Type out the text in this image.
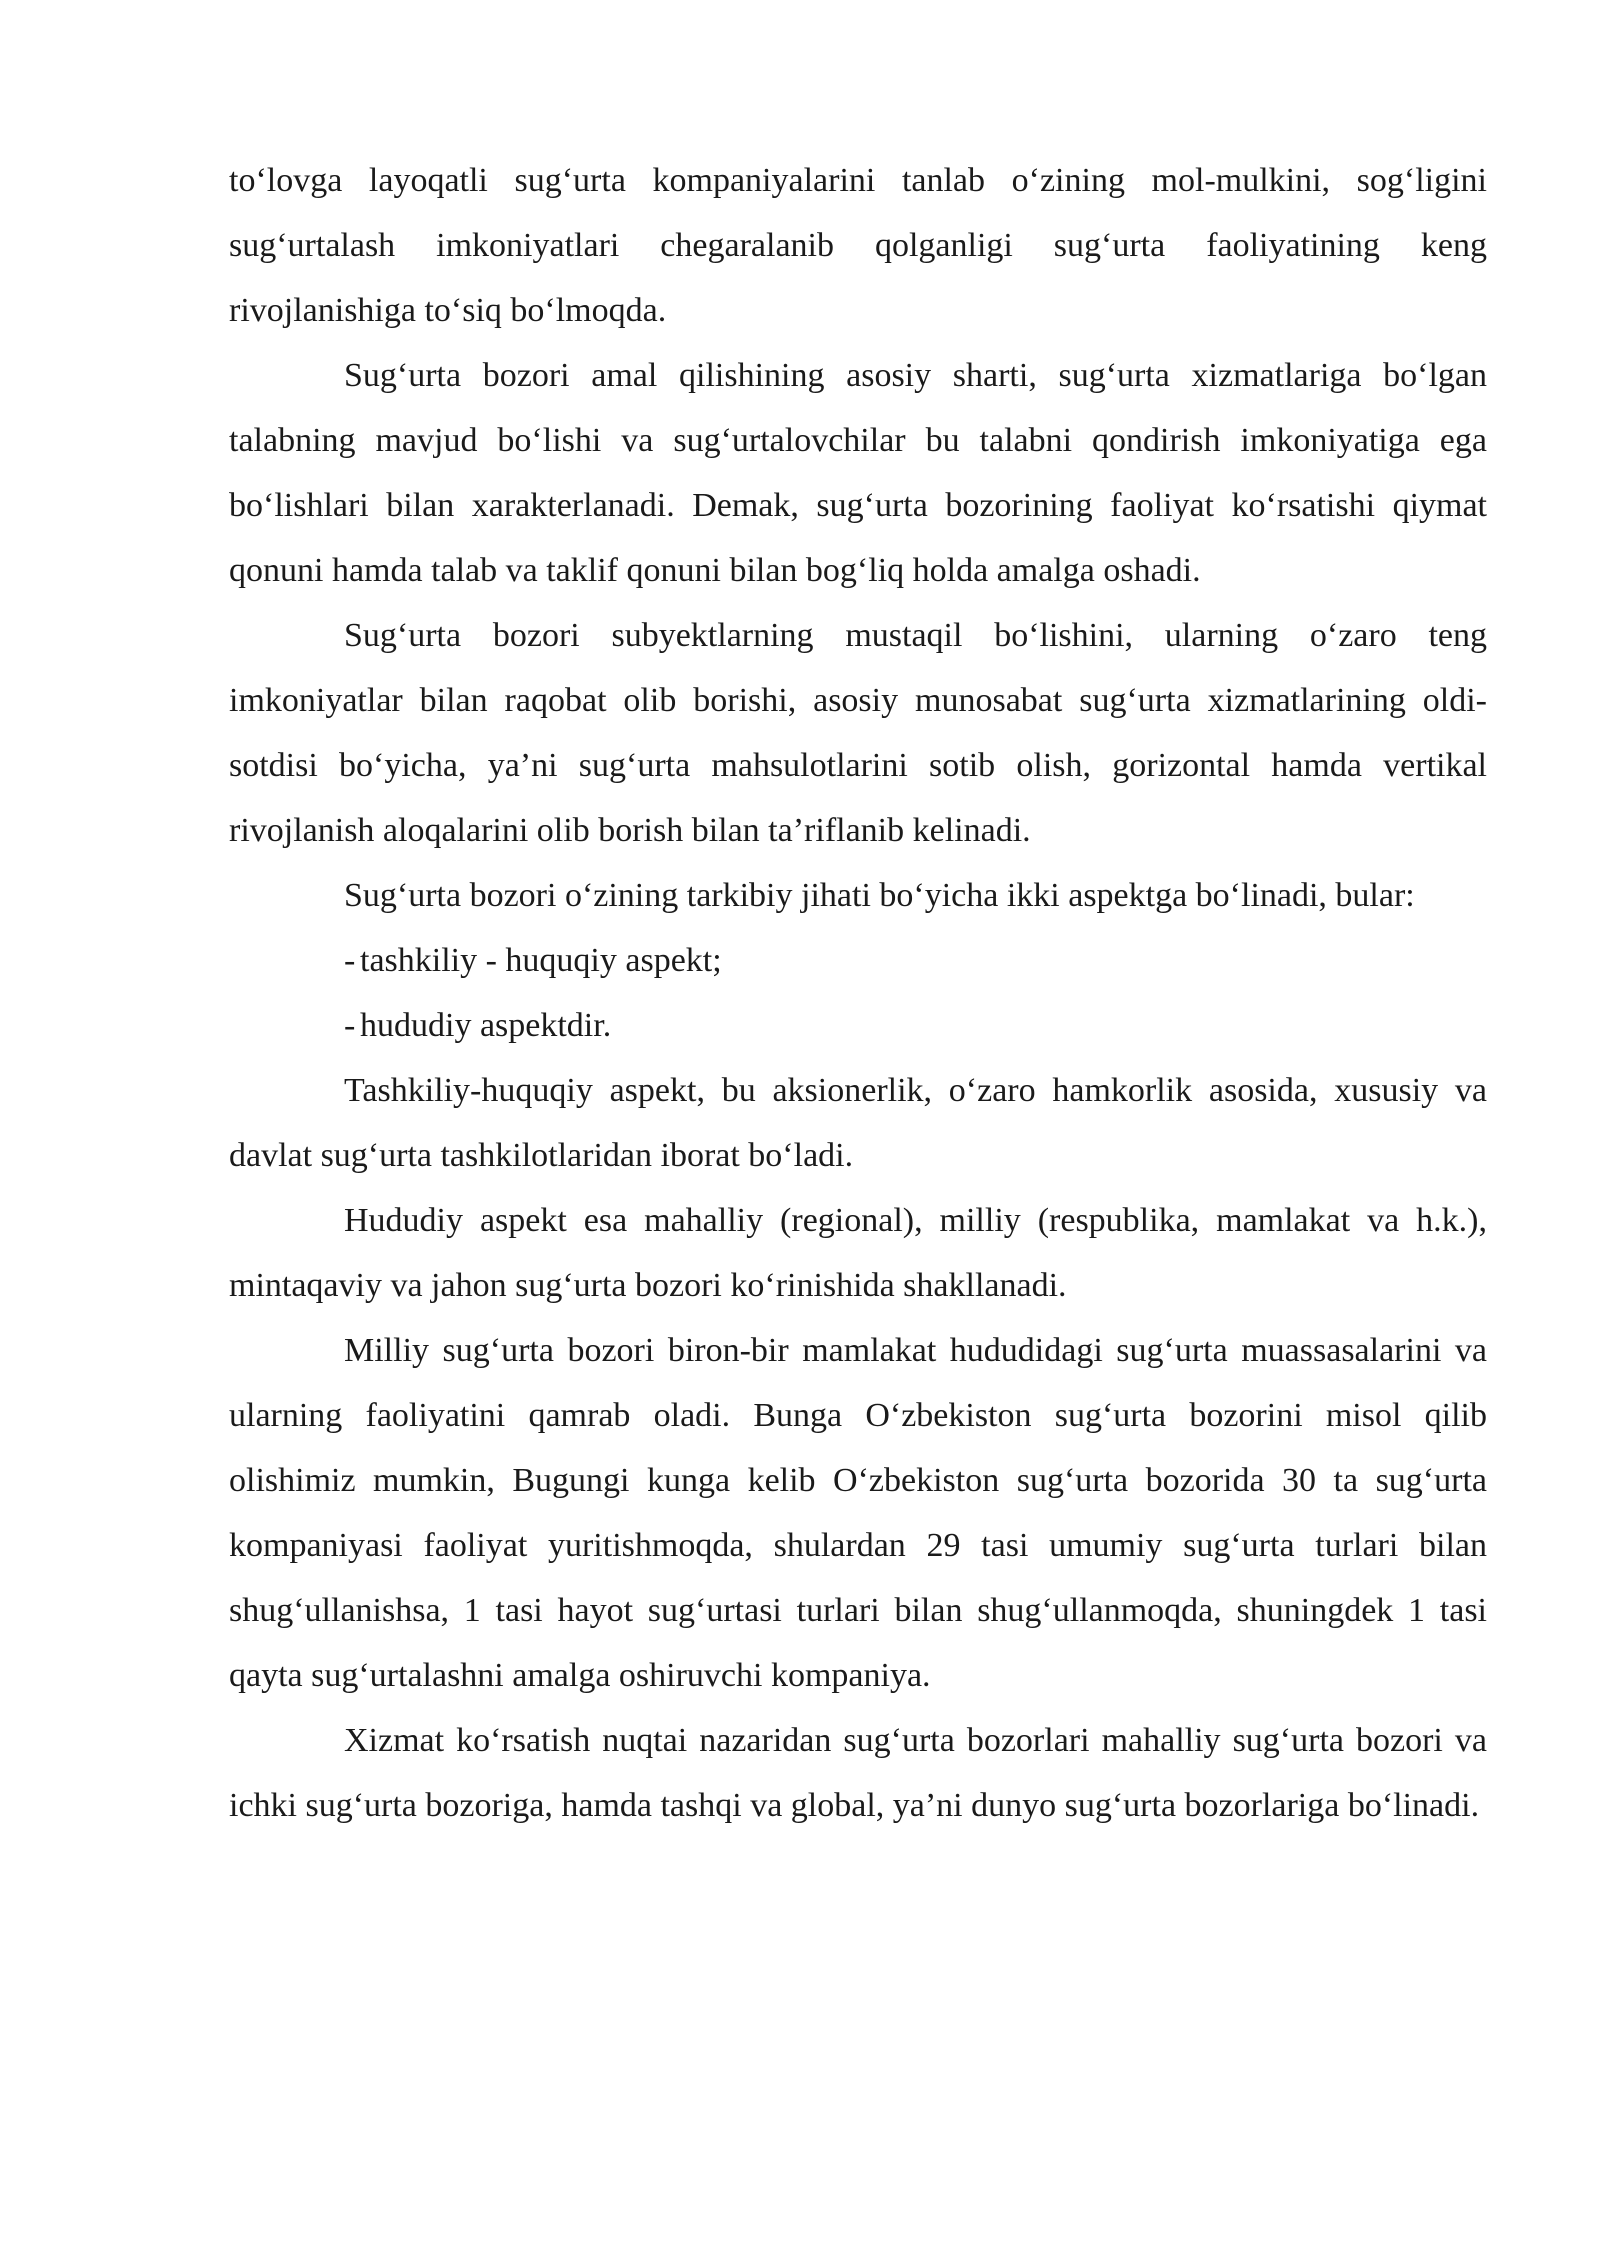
to‘lovga layoqatli sug‘urta kompaniyalarini tanlab o‘zining mol-mulkini, sog‘ligini sug‘urtalash imkoniyatlari chegaralanib qolganligi sug‘urta faoliyatining keng rivojlanishiga to‘siq bo‘lmoqda.

Sug‘urta bozori amal qilishining asosiy sharti, sug‘urta xizmatlariga bo‘lgan talabning mavjud bo‘lishi va sug‘urtalovchilar bu talabni qondirish imkoniyatiga ega bo‘lishlari bilan xarakterlanadi. Demak, sug‘urta bozorining faoliyat ko‘rsatishi qiymat qonuni hamda talab va taklif qonuni bilan bog‘liq holda amalga oshadi.

Sug‘urta bozori subyektlarning mustaqil bo‘lishini, ularning o‘zaro teng imkoniyatlar bilan raqobat olib borishi, asosiy munosabat sug‘urta xizmatlarining oldi-sotdisi bo‘yicha, ya’ni sug‘urta mahsulotlarini sotib olish, gorizontal hamda vertikal rivojlanish aloqalarini olib borish bilan ta’riflanib kelinadi.

Sug‘urta bozori o‘zining tarkibiy jihati bo‘yicha ikki aspektga bo‘linadi, bular:

- tashkiliy - huquqiy aspekt;

- hududiy aspektdir.

Tashkiliy-huquqiy aspekt, bu aksionerlik, o‘zaro hamkorlik asosida, xususiy va davlat sug‘urta tashkilotlaridan iborat bo‘ladi.

Hududiy aspekt esa mahalliy (regional), milliy (respublika, mamlakat va h.k.), mintaqaviy va jahon sug‘urta bozori ko‘rinishida shakllanadi.

Milliy sug‘urta bozori biron-bir mamlakat hududidagi sug‘urta muassasalarini va ularning faoliyatini qamrab oladi. Bunga O‘zbekiston sug‘urta bozorini misol qilib olishimiz mumkin, Bugungi kunga kelib O‘zbekiston sug‘urta bozorida 30 ta sug‘urta kompaniyasi faoliyat yuritishmoqda, shulardan 29 tasi umumiy sug‘urta turlari bilan shug‘ullanishsa, 1 tasi hayot sug‘urtasi turlari bilan shug‘ullanmoqda, shuningdek 1 tasi qayta sug‘urtalashni amalga oshiruvchi kompaniya.

Xizmat ko‘rsatish nuqtai nazaridan sug‘urta bozorlari mahalliy sug‘urta bozori va ichki sug‘urta bozoriga, hamda tashqi va global, ya’ni dunyo sug‘urta bozorlariga bo‘linadi.
